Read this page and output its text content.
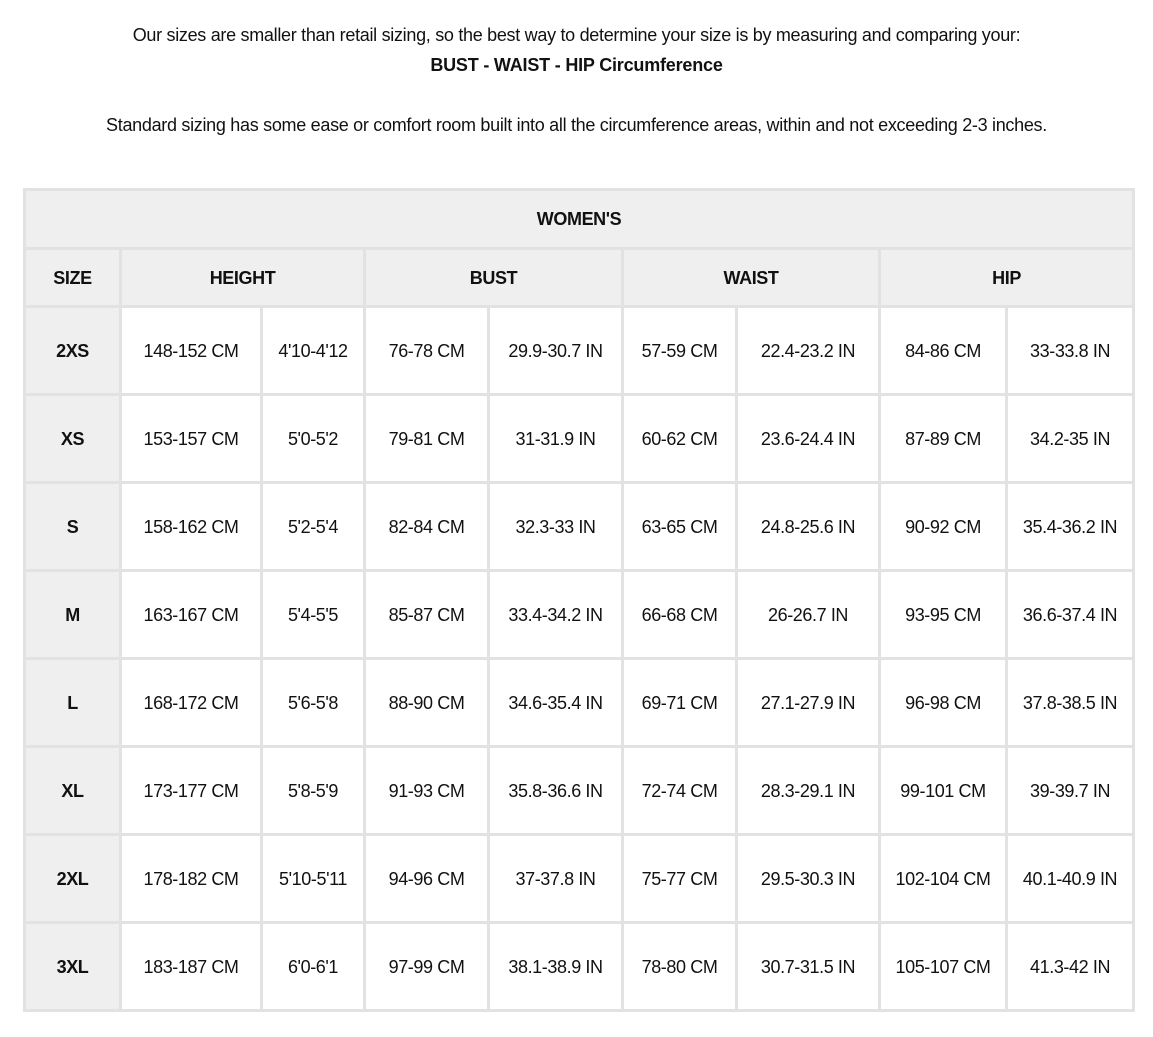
Our sizes are smaller than retail sizing, so the best way to determine your size is by measuring and comparing your:
BUST - WAIST - HIP Circumference
Standard sizing has some ease or comfort room built into all the circumference areas, within and not exceeding 2-3 inches.
WOMEN'S								
SIZE	HEIGHT		BUST		WAIST		HIP	
2XS	148-152 CM	4'10-4'12	76-78 CM	29.9-30.7 IN	57-59 CM	22.4-23.2 IN	84-86 CM	33-33.8 IN
XS	153-157 CM	5'0-5'2	79-81 CM	31-31.9 IN	60-62 CM	23.6-24.4 IN	87-89 CM	34.2-35 IN
S	158-162 CM	5'2-5'4	82-84 CM	32.3-33 IN	63-65 CM	24.8-25.6 IN	90-92 CM	35.4-36.2 IN
M	163-167 CM	5'4-5'5	85-87 CM	33.4-34.2 IN	66-68 CM	26-26.7 IN	93-95 CM	36.6-37.4 IN
L	168-172 CM	5'6-5'8	88-90 CM	34.6-35.4 IN	69-71 CM	27.1-27.9 IN	96-98 CM	37.8-38.5 IN
XL	173-177 CM	5'8-5'9	91-93 CM	35.8-36.6 IN	72-74 CM	28.3-29.1 IN	99-101 CM	39-39.7 IN
2XL	178-182 CM	5'10-5'11	94-96 CM	37-37.8 IN	75-77 CM	29.5-30.3 IN	102-104 CM	40.1-40.9 IN
3XL	183-187 CM	6'0-6'1	97-99 CM	38.1-38.9 IN	78-80 CM	30.7-31.5 IN	105-107 CM	41.3-42 IN
